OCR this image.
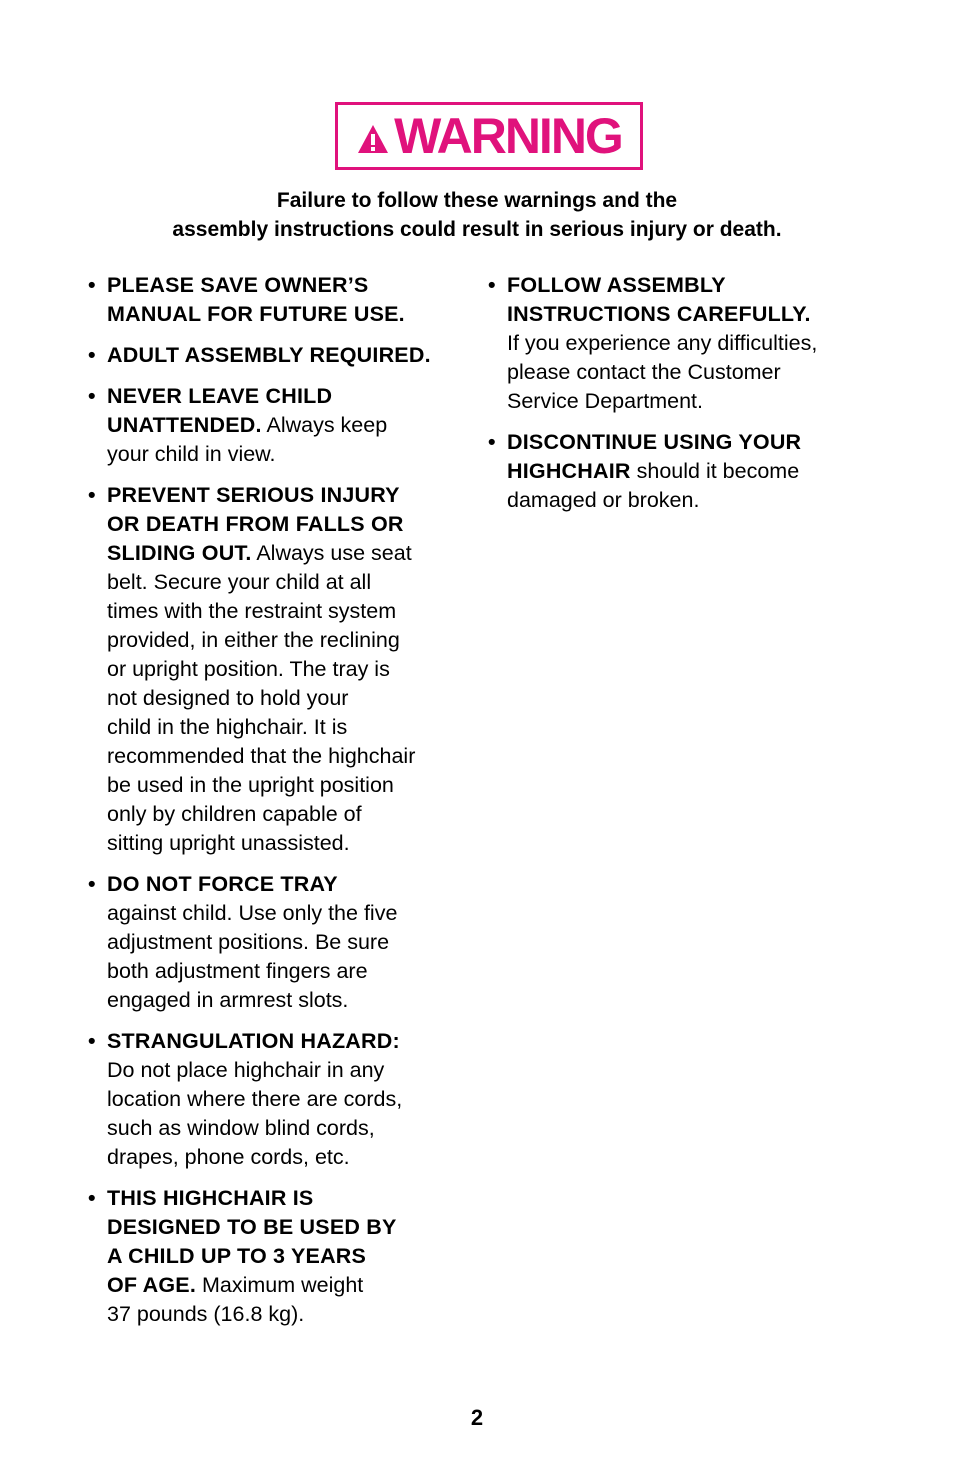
WARNING
Failure to follow these warnings and the
assembly instructions could result in serious injury or death.
• PLEASE SAVE OWNER’S
MANUAL FOR FUTURE USE.
• ADULT ASSEMBLY REQUIRED.
• NEVER LEAVE CHILD
UNATTENDED. Always keep
your child in view.
• PREVENT SERIOUS INJURY
OR DEATH FROM FALLS OR
SLIDING OUT. Always use seat
belt. Secure your child at all
times with the restraint system
provided, in either the reclining
or upright position. The tray is
not designed to hold your
child in the highchair. It is
recommended that the highchair
be used in the upright position
only by children capable of
sitting upright unassisted.
• DO NOT FORCE TRAY
against child. Use only the five
adjustment positions. Be sure
both adjustment fingers are
engaged in armrest slots.
• STRANGULATION HAZARD:
Do not place highchair in any
location where there are cords,
such as window blind cords,
drapes, phone cords, etc.
• THIS HIGHCHAIR IS
DESIGNED TO BE USED BY
A CHILD UP TO 3 YEARS
OF AGE. Maximum weight
37 pounds (16.8 kg).
• FOLLOW ASSEMBLY
INSTRUCTIONS CAREFULLY.
If you experience any difficulties,
please contact the Customer
Service Department.
• DISCONTINUE USING YOUR
HIGHCHAIR should it become
damaged or broken.
2
